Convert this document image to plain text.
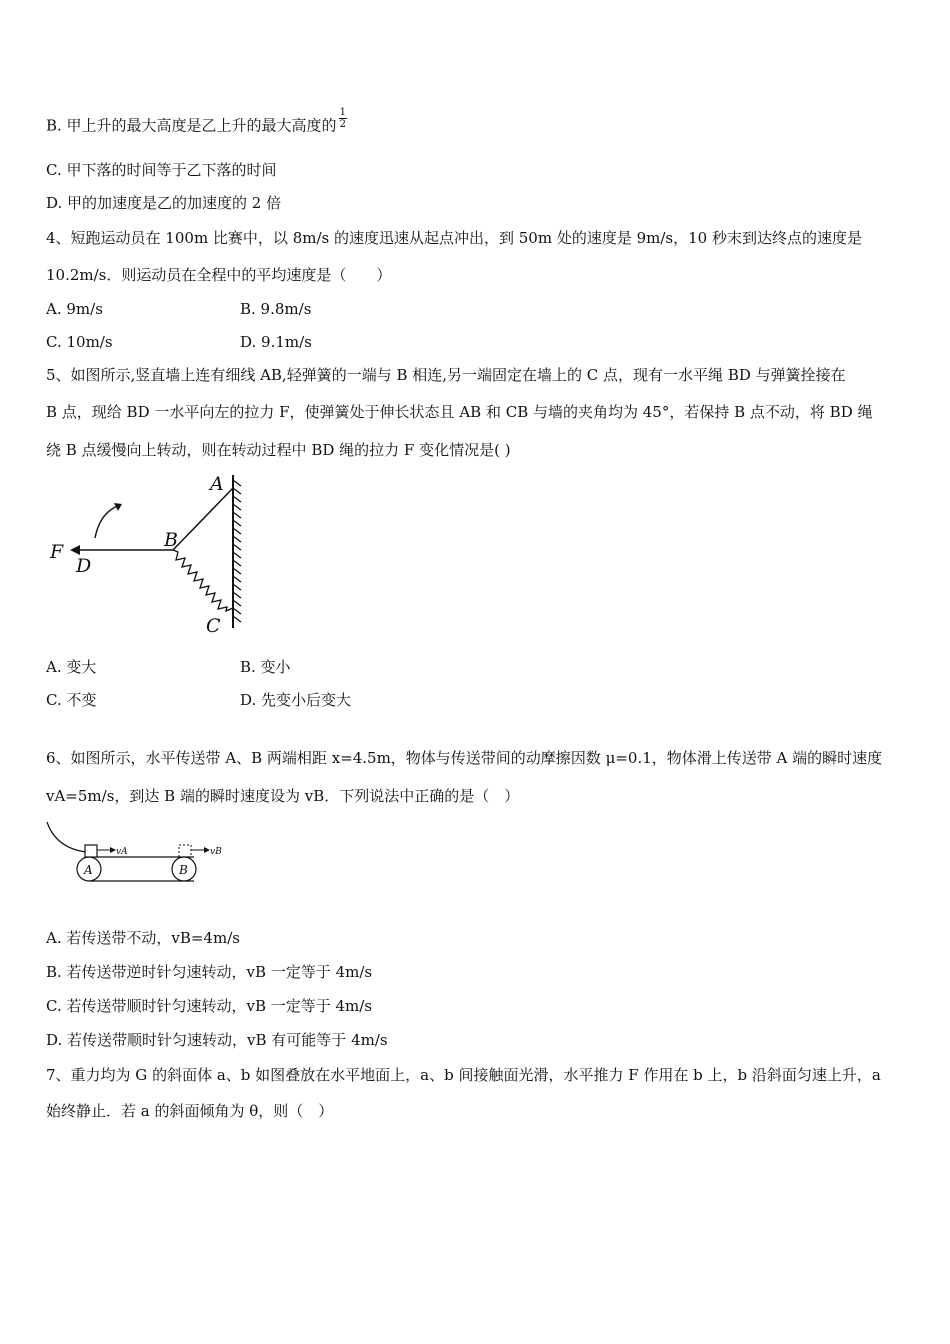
B. 甲上升的最大高度是乙上升的最大高度的 $\frac{1}{2}$
C. 甲下落的时间等于乙下落的时间
D. 甲的加速度是乙的加速度的 2 倍
4、短跑运动员在 100m 比赛中，以 8m/s 的速度迅速从起点冲出，到 50m 处的速度是 9m/s，10 秒末到达终点的速度是
10.2m/s．则运动员在全程中的平均速度是（　　）
A. 9m/s	B. 9.8m/s
C. 10m/s	D. 9.1m/s
5、如图所示,竖直墙上连有细线 AB,轻弹簧的一端与 B 相连,另一端固定在墙上的 C 点，现有一水平绳 BD 与弹簧拴接在
B 点，现给 BD 一水平向左的拉力 F，使弹簧处于伸长状态且 AB 和 CB 与墙的夹角均为 45°，若保持 B 点不动，将 BD 绳
绕 B 点缓慢向上转动，则在转动过程中 BD 绳的拉力 F 变化情况是( )
A
B
C
D
F
A. 变大	B. 变小
C. 不变	D. 先变小后变大
6、如图所示，水平传送带 A、B 两端相距 x=4.5m，物体与传送带间的动摩擦因数 μ=0.1，物体滑上传送带 A 端的瞬时速度
vA=5m/s，到达 B 端的瞬时速度设为 vB．下列说法中正确的是（　）
A	B
vA	vB
A. 若传送带不动，vB=4m/s
B. 若传送带逆时针匀速转动，vB 一定等于 4m/s
C. 若传送带顺时针匀速转动，vB 一定等于 4m/s
D. 若传送带顺时针匀速转动，vB 有可能等于 4m/s
7、重力均为 G 的斜面体 a、b 如图叠放在水平地面上，a、b 间接触面光滑，水平推力 F 作用在 b 上，b 沿斜面匀速上升，a
始终静止．若 a 的斜面倾角为 θ，则（　）
